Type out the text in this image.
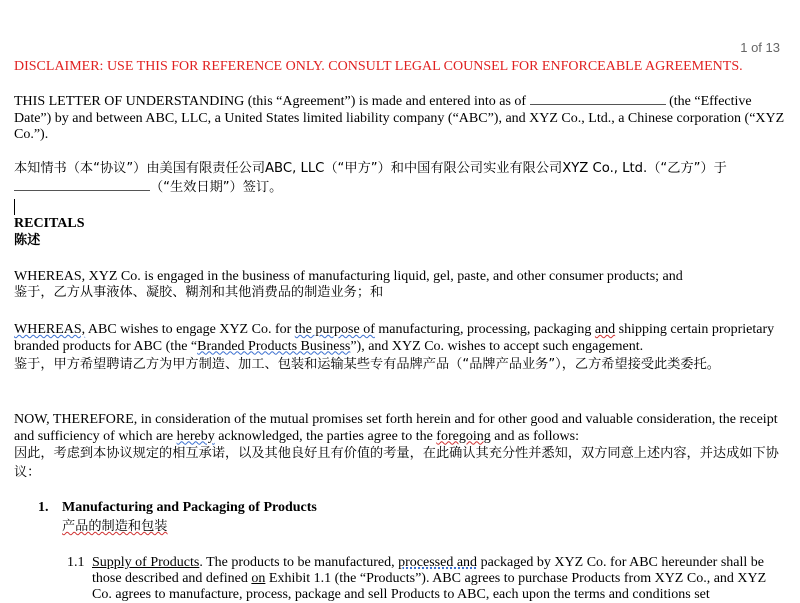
1 of 13
DISCLAIMER: USE THIS FOR REFERENCE ONLY. CONSULT LEGAL COUNSEL FOR ENFORCEABLE AGREEMENTS.
THIS LETTER OF UNDERSTANDING (this “Agreement”) is made and entered into as of	(the “Effective Date”) by and between ABC, LLC, a United States limited liability company (“ABC”), and XYZ Co., Ltd., a Chinese corporation (“XYZ Co.”).
本知情书（本“协议”）由美国有限责任公司ABC, LLC（“甲方”）和中国有限公司实业有限公司XYZ Co., Ltd.（“乙方”）于
（“生效日期”）签订。
RECITALS
陈述
WHEREAS, XYZ Co. is engaged in the business of manufacturing liquid, gel, paste, and other consumer products; and
鉴于，乙方从事液体、凝胶、糊剂和其他消费品的制造业务；和
WHEREAS, ABC wishes to engage XYZ Co. for the purpose of manufacturing, processing, packaging and shipping certain proprietary branded products for ABC (the “Branded Products Business”), and XYZ Co. wishes to accept such engagement.
鉴于，甲方希望聘请乙方为甲方制造、加工、包装和运输某些专有品牌产品（“品牌产品业务”），乙方希望接受此类委托。
NOW, THEREFORE, in consideration of the mutual promises set forth herein and for other good and valuable consideration, the receipt and sufficiency of which are hereby acknowledged, the parties agree to the foregoing and as follows:
因此，考虑到本协议规定的相互承诺，以及其他良好且有价值的考量，在此确认其充分性并悉知，双方同意上述内容，并达成如下协议：
1. Manufacturing and Packaging of Products
产品的制造和包装
1.1 Supply of Products. The products to be manufactured, processed and packaged by XYZ Co. for ABC hereunder shall be those described and defined on Exhibit 1.1 (the “Products”). ABC agrees to purchase Products from XYZ Co., and XYZ Co. agrees to manufacture, process, package and sell Products to ABC, each upon the terms and conditions set
